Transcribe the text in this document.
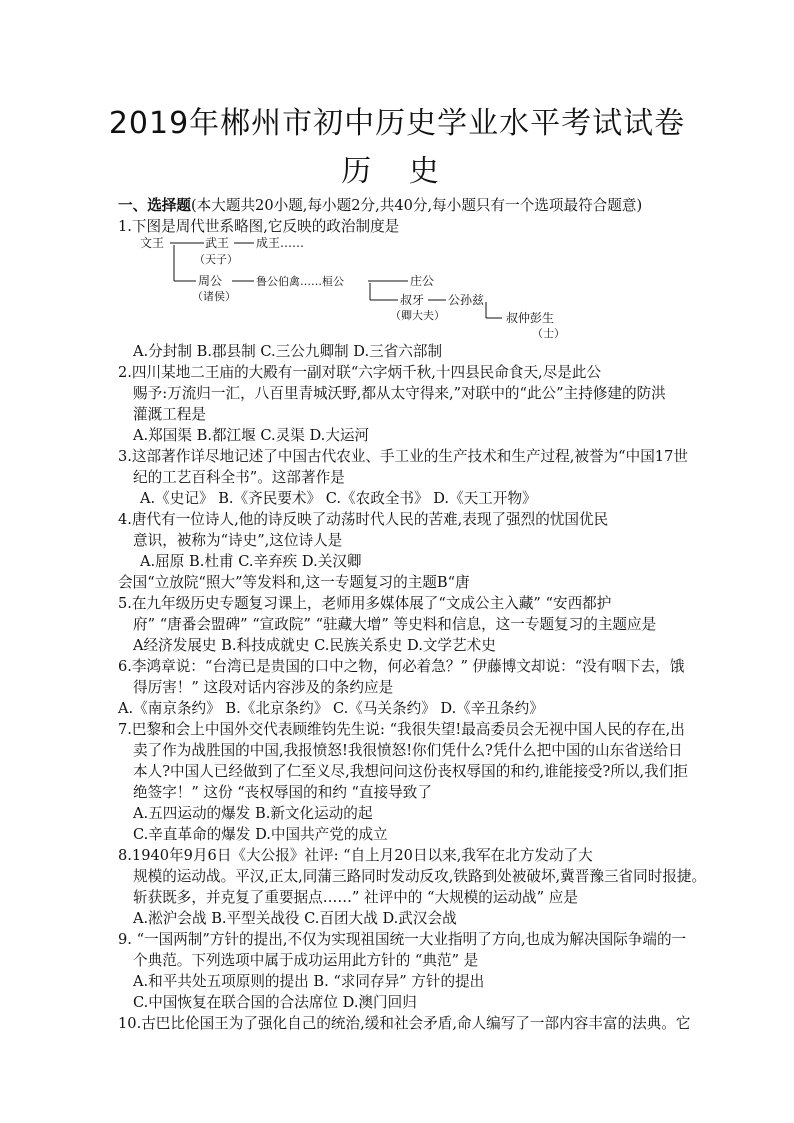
2019年郴州市初中历史学业水平考试试卷
历 史
一、选择题(本大题共20小题,每小题2分,共40分,每小题只有一个选项最符合题意)
1.下图是周代世系略图,它反映的政治制度是
文王	武王 成王……
（天子）
周公	鲁公伯禽……桓公	庄公
（诸侯）	叔牙 公孙兹
（卿大夫）	叔仲彭生
（士）
A.分封制 B.郡县制 C.三公九卿制 D.三省六部制
2.四川某地二王庙的大殿有一副对联“六字炳千秋,十四县民命食天,尽是此公
赐予:万流归一汇，八百里青城沃野,都从太守得来,”对联中的“此公”主持修建的防洪
灌溉工程是
A.郑国渠 B.都江堰 C.灵渠 D.大运河
3.这部著作详尽地记述了中国古代农业、手工业的生产技术和生产过程,被誉为“中国17世
纪的工艺百科全书”。这部著作是
A.《史记》 B.《齐民要术》 C.《农政全书》 D.《天工开物》
4.唐代有一位诗人,他的诗反映了动荡时代人民的苦难,表现了强烈的忧国优民
意识，被称为“诗史”,这位诗人是
A.屈原 B.杜甫 C.辛弃疾 D.关汉卿
会国“立放院“照大”等发料和,这一专题复习的主题B“唐
5.在九年级历史专题复习课上，老师用多媒体展了“文成公主入藏” “安西都护
府” “唐番会盟碑” “宣政院” “驻藏大增” 等史料和信息，这一专题复习的主题应是
A经济发展史 B.科技成就史 C.民族关系史 D.文学艺术史
6.李鸿章说：“台湾已是贵国的口中之物，何必着急？” 伊藤博文却说：“没有咽下去，饿
得厉害！” 这段对话内容涉及的条约应是
A.《南京条约》 B.《北京条约》 C.《马关条约》 D.《辛丑条约》
7.巴黎和会上中国外交代表顾维钧先生说: “我很失望!最高委员会无视中国人民的存在,出
卖了作为战胜国的中国,我报愤怒!我很愤怒!你们凭什么?凭什么把中国的山东省送给日
本人?中国人已经做到了仁至义尽,我想问问这份丧权辱国的和约,谁能接受?所以,我们拒
绝签字！” 这份 “丧权辱国的和约 “直接导致了
A.五四运动的爆发 B.新文化运动的起
C.辛直革命的爆发 D.中国共产党的成立
8.1940年9月6日《大公报》社评: “自上月20日以来,我军在北方发动了大
规模的运动战。平汉,正太,同蒲三路同时发动反攻,铁路到处被破坏,冀晋豫三省同时报捷。
斩获既多，并克复了重要据点……” 社评中的 “大规模的运动战” 应是
A.淞沪会战 B.平型关战役 C.百团大战 D.武汉会战
9. “一国两制”方针的提出,不仅为实现祖国统一大业指明了方向,也成为解决国际争端的一
个典范。下列选项中属于成功运用此方针的 “典范” 是
A.和平共处五项原则的提出 B. “求同存异” 方针的提出
C.中国恢复在联合国的合法席位 D.澳门回归
10.古巴比伦国王为了强化自己的统治,缓和社会矛盾,命人编写了一部内容丰富的法典。它
